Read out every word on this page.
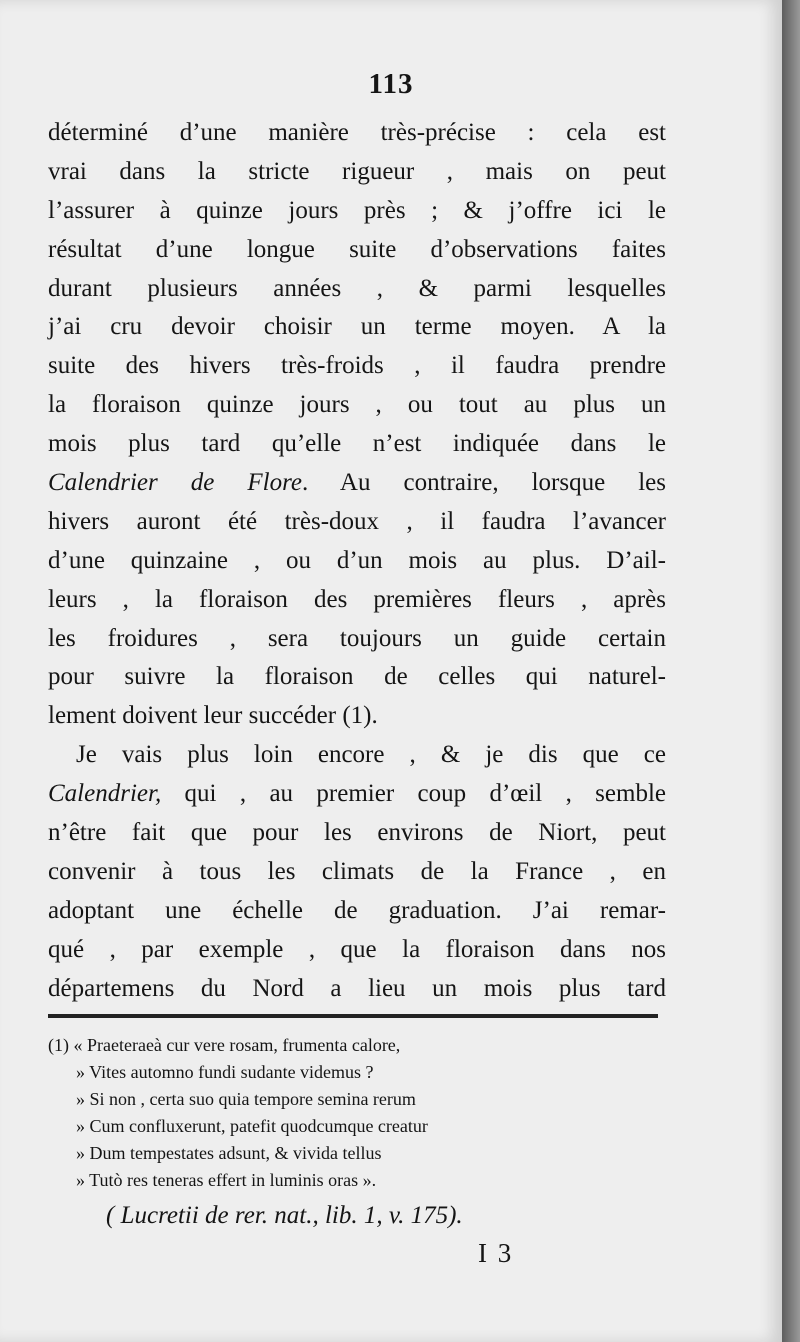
113
déterminé d’une manière très-précise : cela est
vrai dans la stricte rigueur , mais on peut
l’assurer à quinze jours près ; & j’offre ici le
résultat d’une longue suite d’observations faites
durant plusieurs années , & parmi lesquelles
j’ai cru devoir choisir un terme moyen. A la
suite des hivers très-froids , il faudra prendre
la floraison quinze jours , ou tout au plus un
mois plus tard qu’elle n’est indiquée dans le
Calendrier de Flore. Au contraire, lorsque les
hivers auront été très-doux , il faudra l’avancer
d’une quinzaine , ou d’un mois au plus. D’ail-
leurs , la floraison des premières fleurs , après
les froidures , sera toujours un guide certain
pour suivre la floraison de celles qui naturel-
lement doivent leur succéder (1).
Je vais plus loin encore , & je dis que ce
Calendrier, qui , au premier coup d’œil , semble
n’être fait que pour les environs de Niort, peut
convenir à tous les climats de la France , en
adoptant une échelle de graduation. J’ai remar-
qué , par exemple , que la floraison dans nos
départemens du Nord a lieu un mois plus tard
(1) « Praeteraeà cur vere rosam, frumenta calore,
» Vites automno fundi sudante videmus ?
» Si non , certa suo quia tempore semina rerum
» Cum confluxerunt, patefit quodcumque creatur
» Dum tempestates adsunt, & vivida tellus
» Tutò res teneras effert in luminis oras ».
( Lucretii de rer. nat., lib. 1, v. 175).
I 3
